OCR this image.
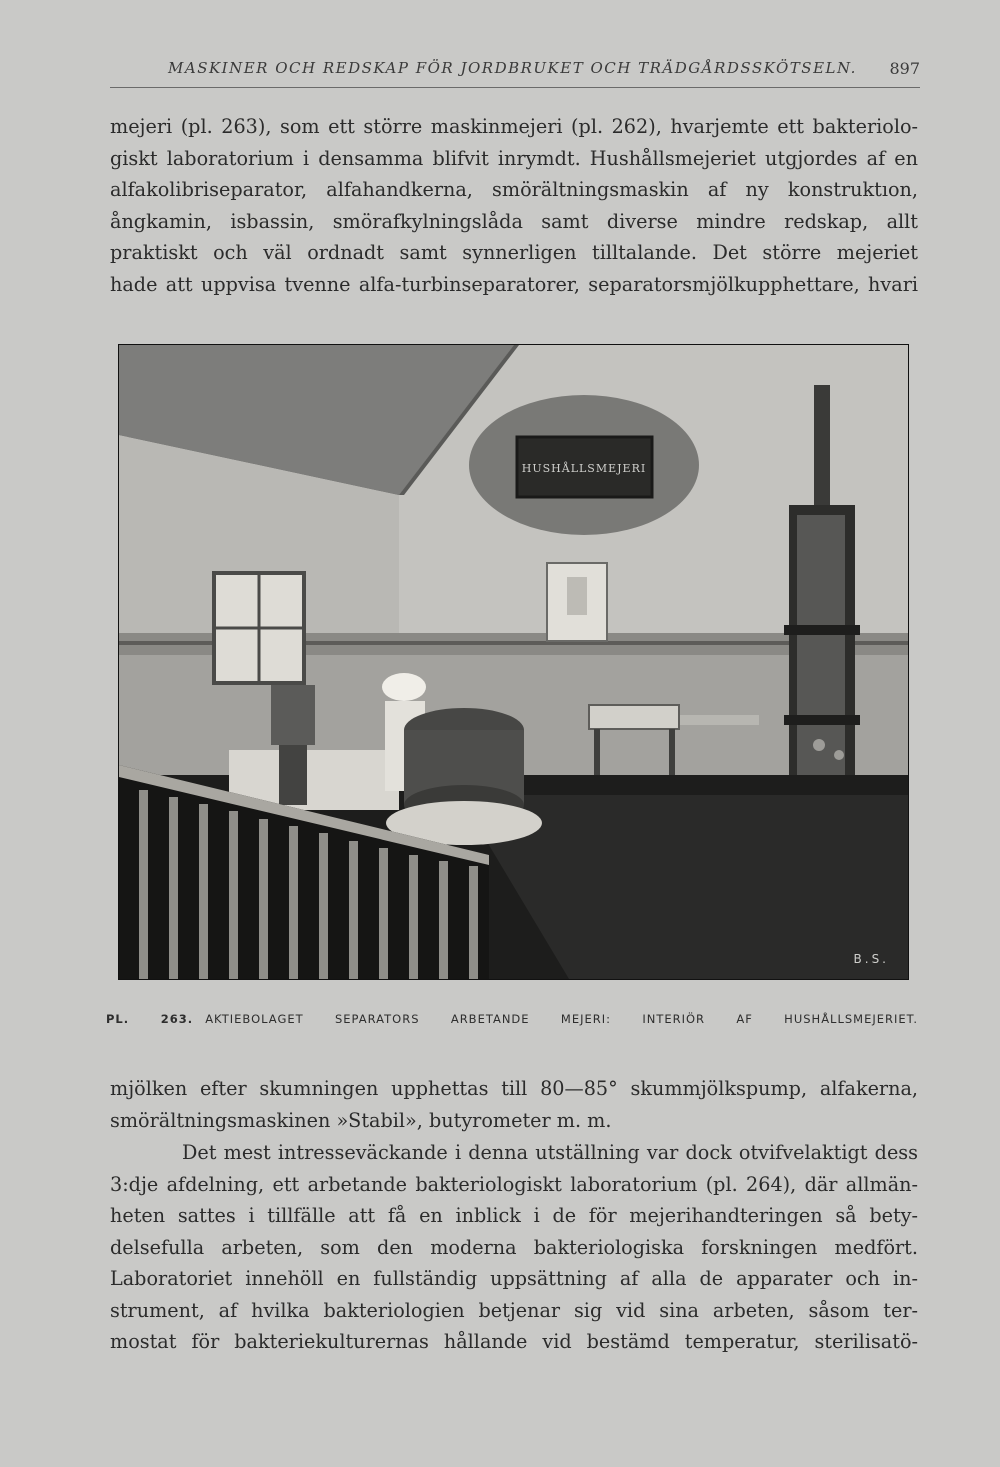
MASKINER OCH REDSKAP FÖR JORDBRUKET OCH TRÄDGÅRDSSKÖTSELN. 897
mejeri (pl. 263), som ett större maskinmejeri (pl. 262), hvarjemte ett bakteriolo-
giskt laboratorium i densamma blifvit inrymdt. Hushållsmejeriet utgjordes af en
alfakolibriseparator, alfahandkerna, smörältningsmaskin af ny konstruktıon,
ångkamin, isbassin, smörafkylningslåda samt diverse mindre redskap, allt
praktiskt och väl ordnadt samt synnerligen tilltalande. Det större mejeriet
hade att uppvisa tvenne alfa-turbinseparatorer, separatorsmjölkupphettare, hvari
HUSHÅLLSMEJERI
B.S.
PL. 263. AKTIEBOLAGET SEPARATORS ARBETANDE MEJERI: INTERIÖR AF HUSHÅLLSMEJERIET.
mjölken efter skumningen upphettas till 80—85° skummjölkspump, alfakerna,
smörältningsmaskinen »Stabil», butyrometer m. m.
Det mest intresseväckande i denna utställning var dock otvifvelaktigt dess
3:dje afdelning, ett arbetande bakteriologiskt laboratorium (pl. 264), där allmän-
heten sattes i tillfälle att få en inblick i de för mejerihandteringen så bety-
delsefulla arbeten, som den moderna bakteriologiska forskningen medfört.
Laboratoriet innehöll en fullständig uppsättning af alla de apparater och in-
strument, af hvilka bakteriologien betjenar sig vid sina arbeten, såsom ter-
mostat för bakteriekulturernas hållande vid bestämd temperatur, sterilisatö-
